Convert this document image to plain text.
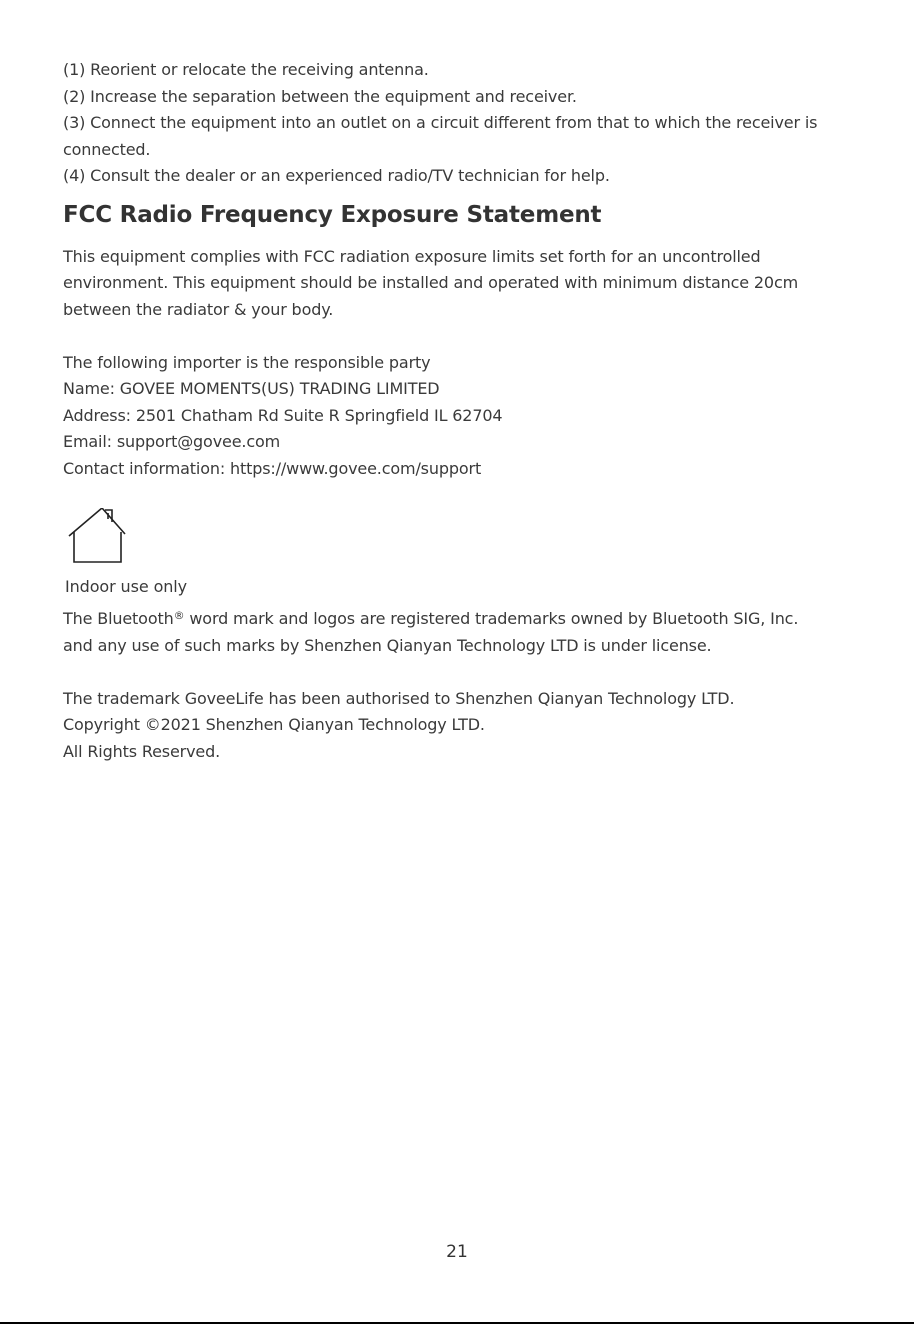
(1) Reorient or relocate the receiving antenna.
(2) Increase the separation between the equipment and receiver.
(3) Connect the equipment into an outlet on a circuit different from that to which the receiver is
connected.
(4) Consult the dealer or an experienced radio/TV technician for help.
FCC Radio Frequency Exposure Statement
This equipment complies with FCC radiation exposure limits set forth for an uncontrolled
environment. This equipment should be installed and operated with minimum distance 20cm
between the radiator & your body.
The following importer is the responsible party
Name: GOVEE MOMENTS(US) TRADING LIMITED
Address: 2501 Chatham Rd Suite R Springfield IL 62704
Email: support@govee.com
Contact information: https://www.govee.com/support
Indoor use only
The Bluetooth® word mark and logos are registered trademarks owned by Bluetooth SIG, Inc.
and any use of such marks by Shenzhen Qianyan Technology LTD is under license.
The trademark GoveeLife has been authorised to Shenzhen Qianyan Technology LTD.
Copyright ©2021 Shenzhen Qianyan Technology LTD.
All Rights Reserved.
21
